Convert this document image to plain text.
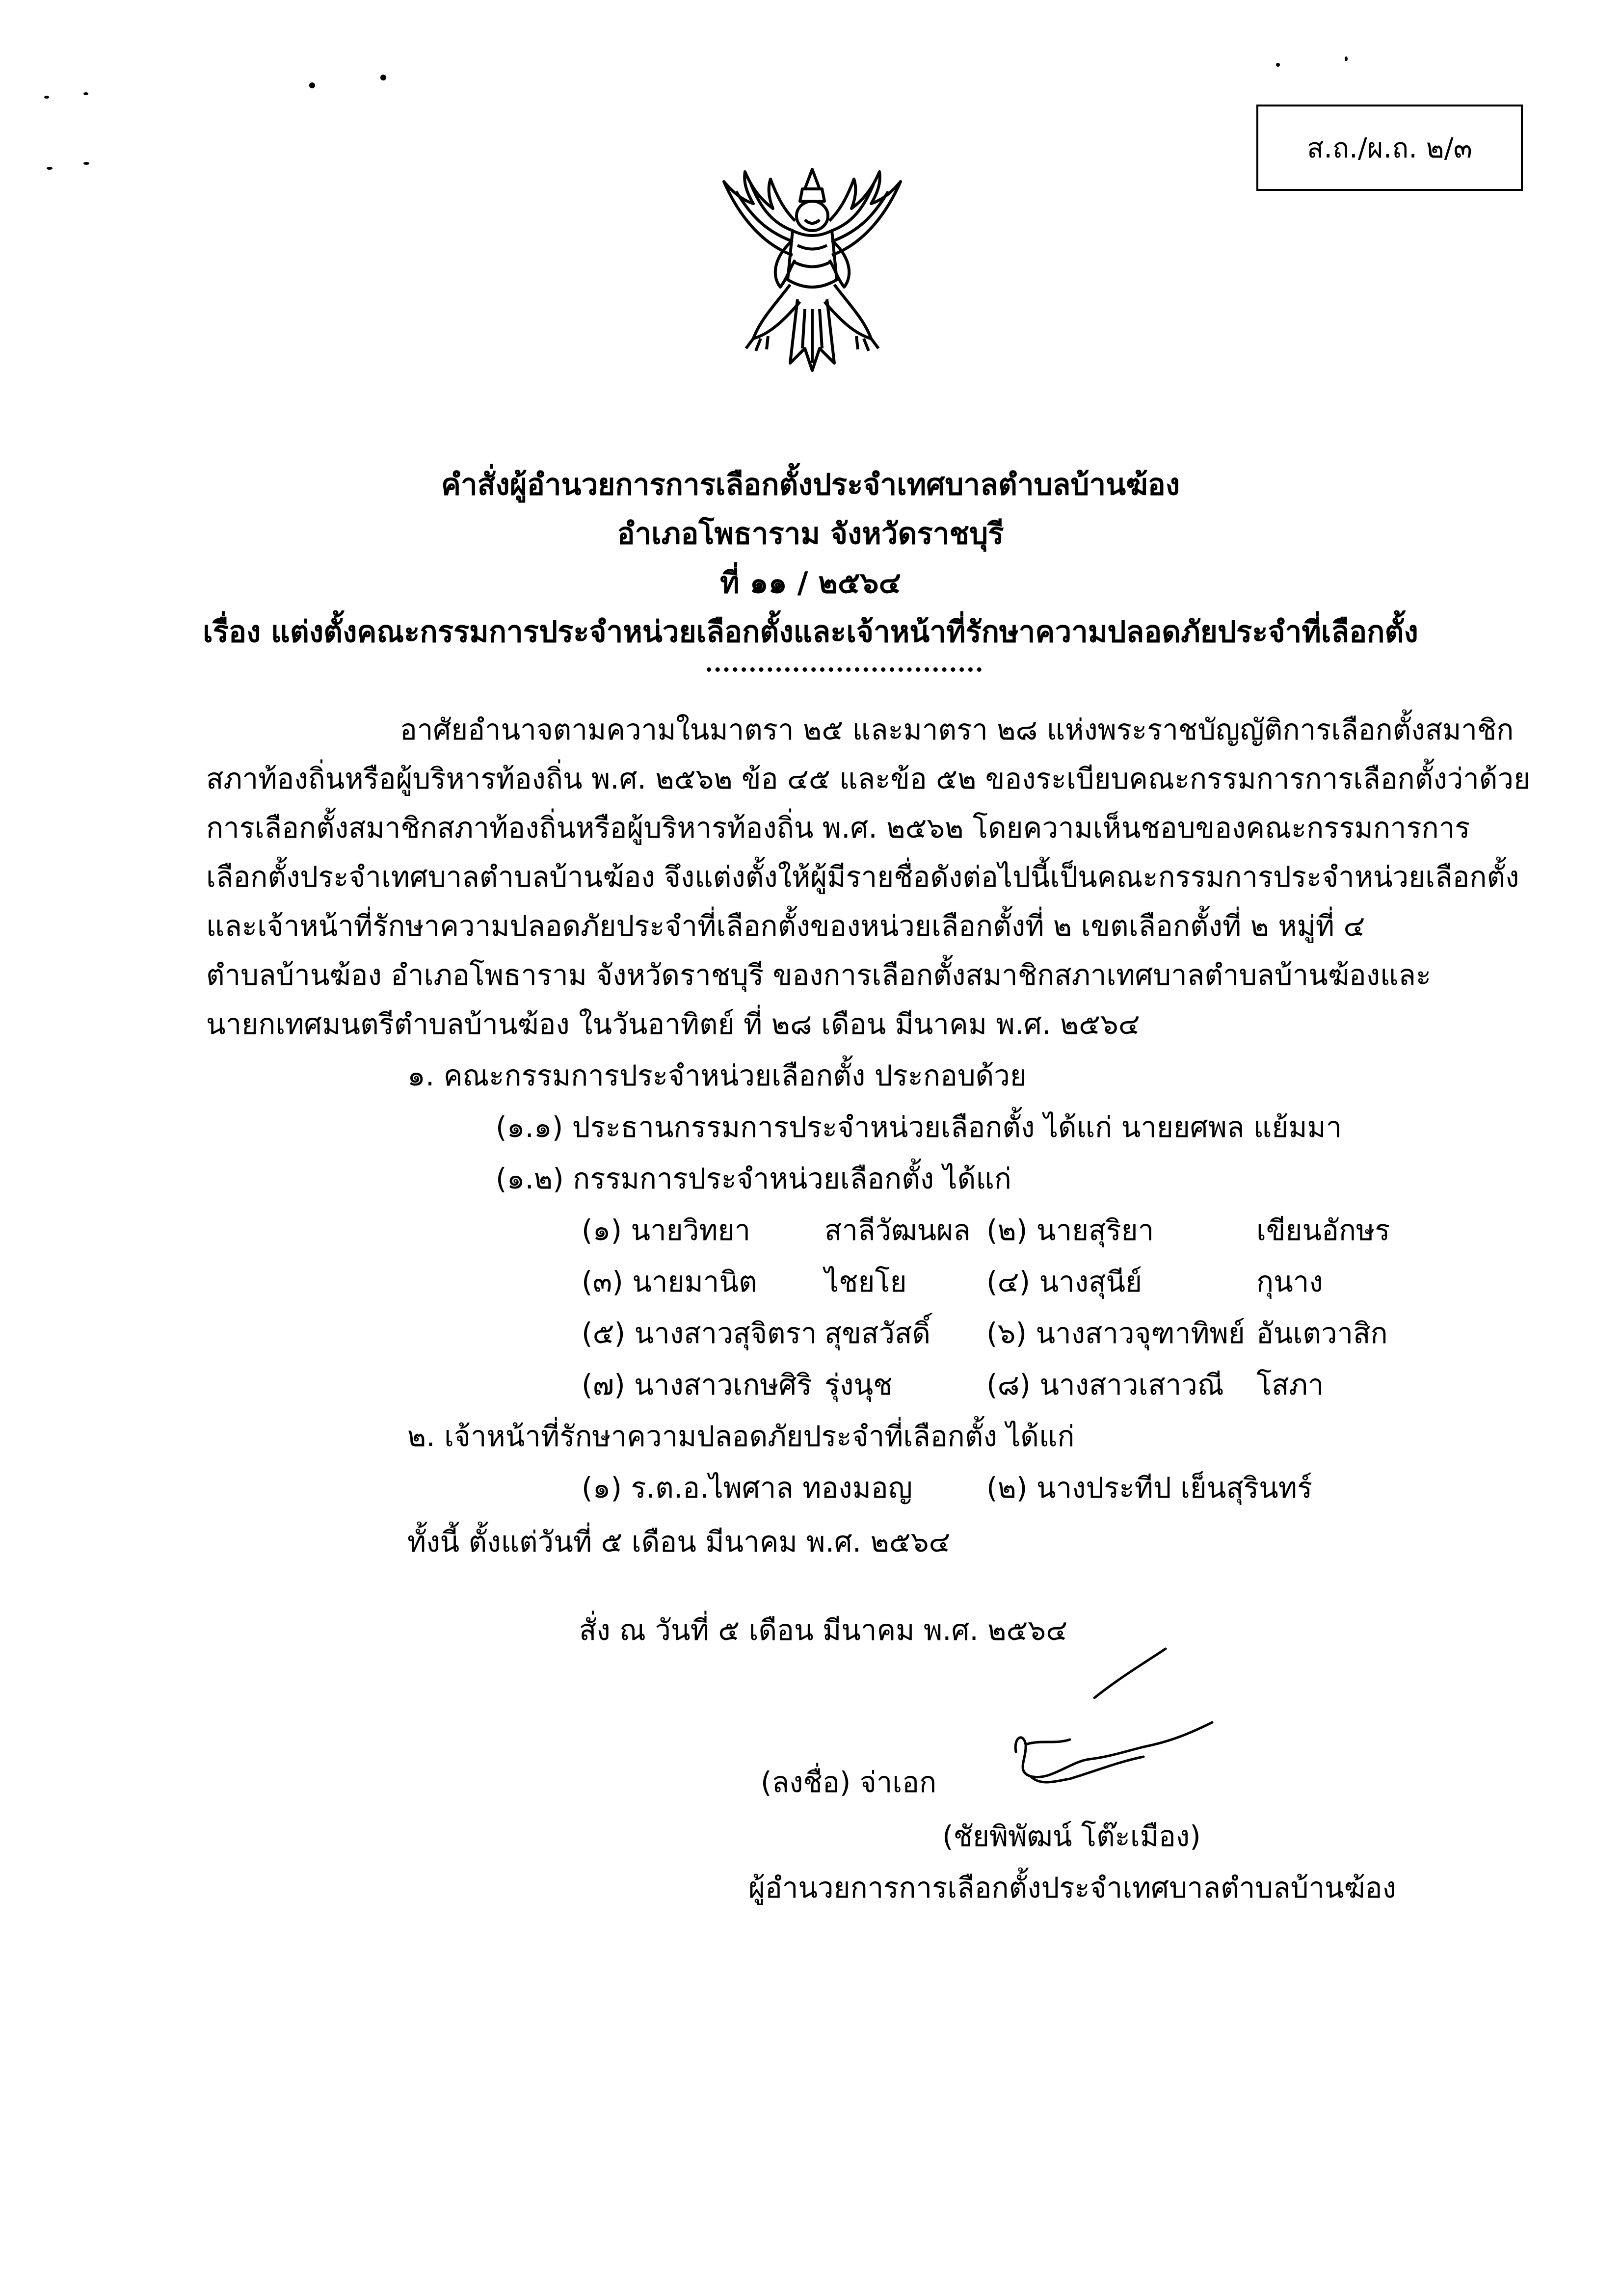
ส.ถ./ผ.ถ. ๒/๓
คำสั่งผู้อำนวยการการเลือกตั้งประจำเทศบาลตำบลบ้านฆ้อง
อำเภอโพธาราม จังหวัดราชบุรี
ที่ ๑๑ / ๒๕๖๔
เรื่อง แต่งตั้งคณะกรรมการประจำหน่วยเลือกตั้งและเจ้าหน้าที่รักษาความปลอดภัยประจำที่เลือกตั้ง
อาศัยอำนาจตามความในมาตรา ๒๕ และมาตรา ๒๘ แห่งพระราชบัญญัติการเลือกตั้งสมาชิก
สภาท้องถิ่นหรือผู้บริหารท้องถิ่น พ.ศ. ๒๕๖๒ ข้อ ๔๕ และข้อ ๕๒ ของระเบียบคณะกรรมการการเลือกตั้งว่าด้วย
การเลือกตั้งสมาชิกสภาท้องถิ่นหรือผู้บริหารท้องถิ่น พ.ศ. ๒๕๖๒ โดยความเห็นชอบของคณะกรรมการการ
เลือกตั้งประจำเทศบาลตำบลบ้านฆ้อง จึงแต่งตั้งให้ผู้มีรายชื่อดังต่อไปนี้เป็นคณะกรรมการประจำหน่วยเลือกตั้ง
และเจ้าหน้าที่รักษาความปลอดภัยประจำที่เลือกตั้งของหน่วยเลือกตั้งที่ ๒ เขตเลือกตั้งที่ ๒ หมู่ที่ ๔
ตำบลบ้านฆ้อง อำเภอโพธาราม จังหวัดราชบุรี ของการเลือกตั้งสมาชิกสภาเทศบาลตำบลบ้านฆ้องและ
นายกเทศมนตรีตำบลบ้านฆ้อง ในวันอาทิตย์ ที่ ๒๘ เดือน มีนาคม พ.ศ. ๒๕๖๔
๑. คณะกรรมการประจำหน่วยเลือกตั้ง ประกอบด้วย
(๑.๑) ประธานกรรมการประจำหน่วยเลือกตั้ง ได้แก่ นายยศพล แย้มมา
(๑.๒) กรรมการประจำหน่วยเลือกตั้ง ได้แก่
(๑) นายวิทยา	สาลีวัฒนผล (๒) นายสุริยา	เขียนอักษร
(๓) นายมานิต ไชยโย	(๔) นางสุนีย์	กุนาง
(๕) นางสาวสุจิตรา สุขสวัสดิ์ (๖) นางสาวจุฑาทิพย์ อันเตวาสิก
(๗) นางสาวเกษศิริ รุ่งนุช	(๘) นางสาวเสาวณี โสภา
๒. เจ้าหน้าที่รักษาความปลอดภัยประจำที่เลือกตั้ง ได้แก่
(๑) ร.ต.อ.ไพศาล ทองมอญ	(๒) นางประทีป เย็นสุรินทร์
ทั้งนี้ ตั้งแต่วันที่ ๕ เดือน มีนาคม พ.ศ. ๒๕๖๔
สั่ง ณ วันที่ ๕ เดือน มีนาคม พ.ศ. ๒๕๖๔
(ลงชื่อ) จ่าเอก
(ชัยพิพัฒน์ โต๊ะเมือง)
ผู้อำนวยการการเลือกตั้งประจำเทศบาลตำบลบ้านฆ้อง
